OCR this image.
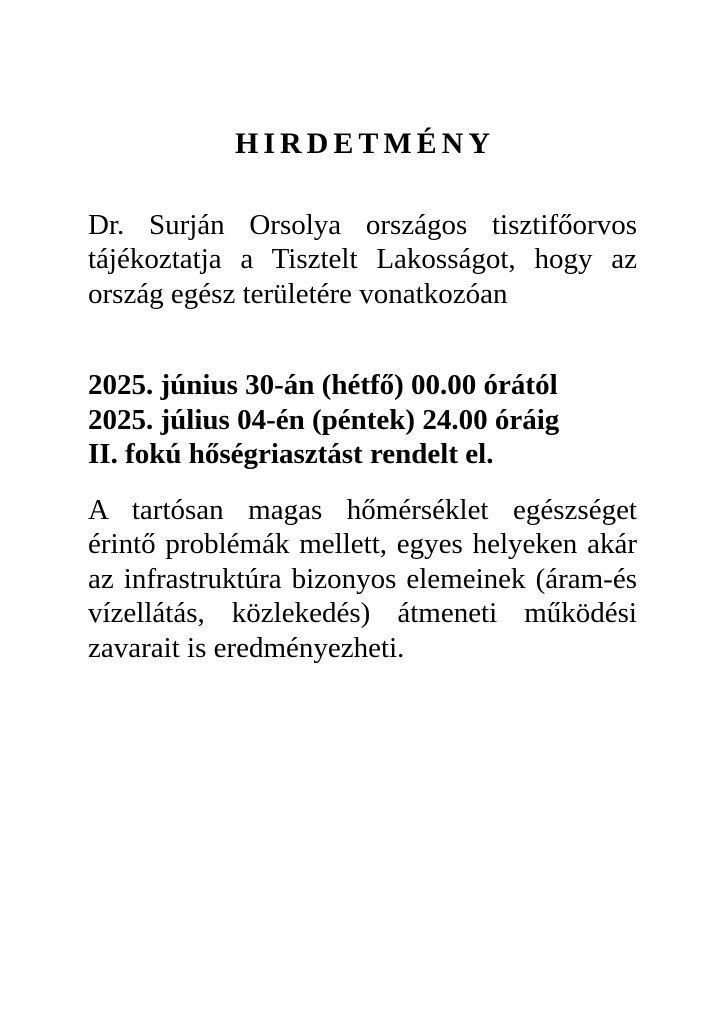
HIRDETMÉNY
Dr. Surján Orsolya országos tisztifőorvos
tájékoztatja a Tisztelt Lakosságot, hogy az
ország egész területére vonatkozóan
2025. június 30-án (hétfő) 00.00 órától
2025. július 04-én (péntek) 24.00 óráig
II. fokú hőségriasztást rendelt el.
A tartósan magas hőmérséklet egészséget
érintő problémák mellett, egyes helyeken akár
az infrastruktúra bizonyos elemeinek (áram-és
vízellátás, közlekedés) átmeneti működési
zavarait is eredményezheti.
